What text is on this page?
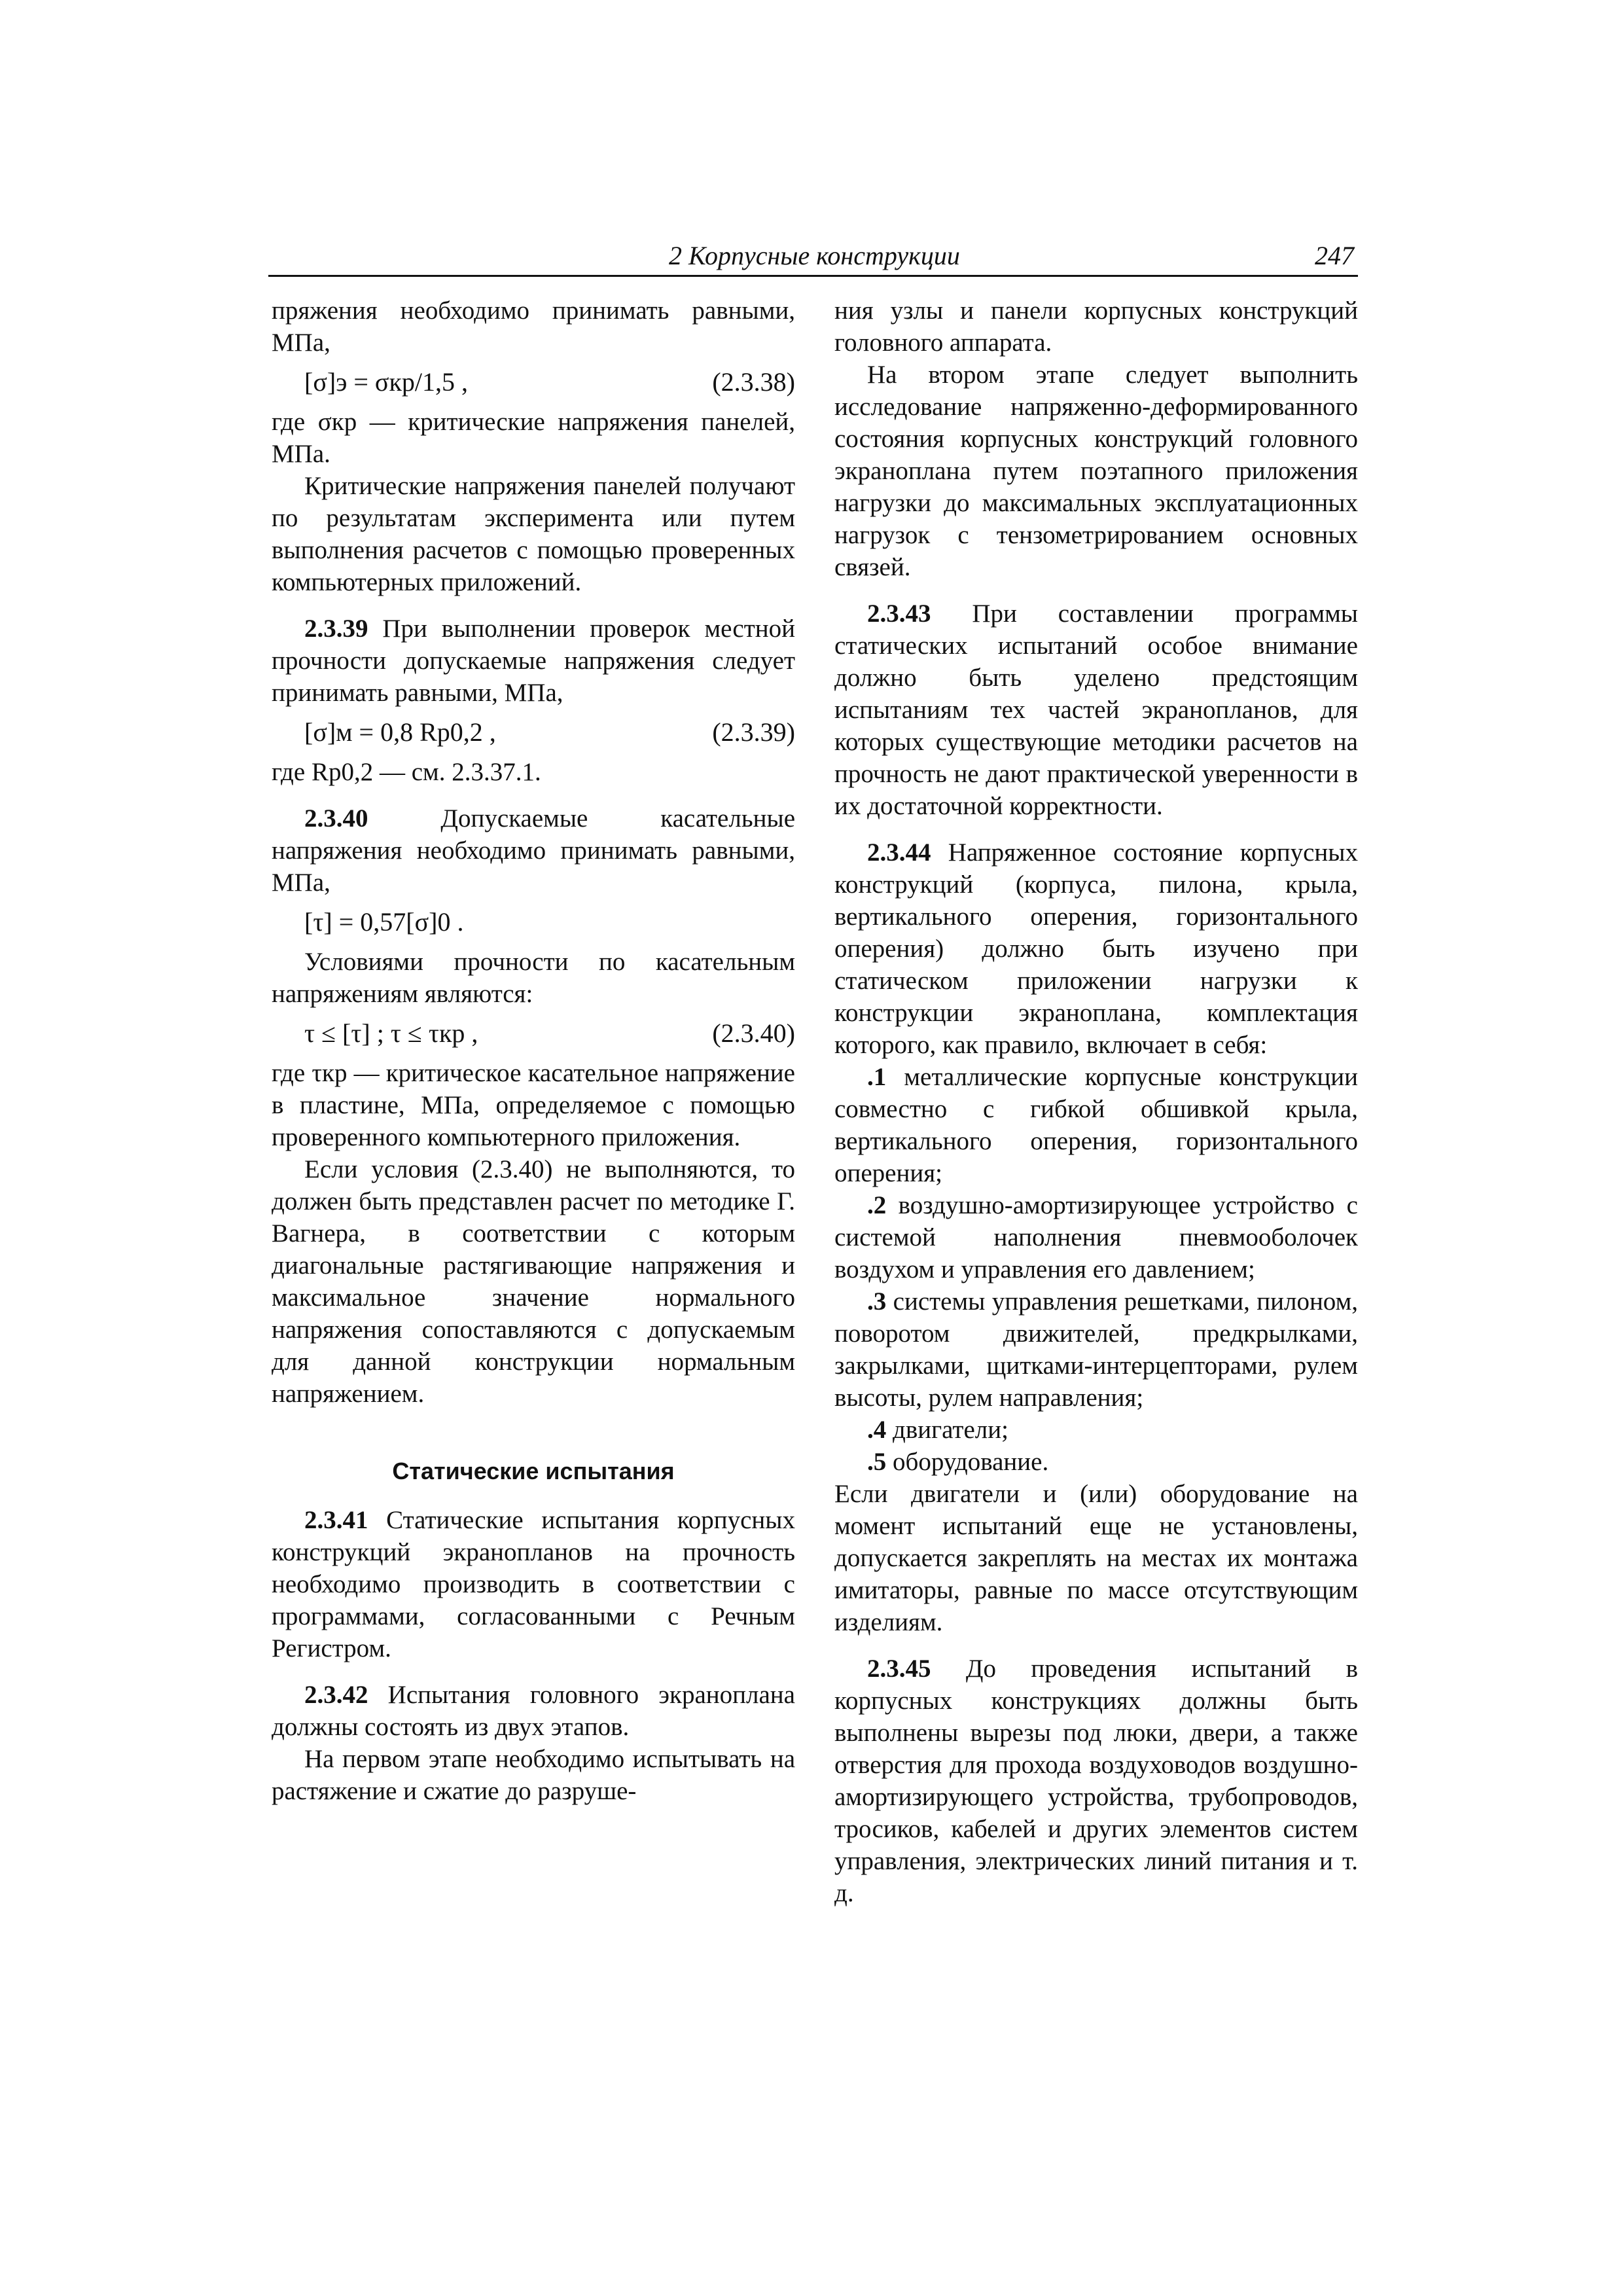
2 Корпусные конструкции	247

пряжения необходимо принимать равными, МПа,

[σ]э = σкр/1,5 ,	(2.3.38)

где σкр — критические напряжения панелей, МПа.

Критические напряжения панелей получают по результатам эксперимента или путем выполнения расчетов с помощью проверенных компьютерных приложений.

2.3.39 При выполнении проверок местной прочности допускаемые напряжения следует принимать равными, МПа,

[σ]м = 0,8 Rp0,2 ,	(2.3.39)

где Rp0,2 — см. 2.3.37.1.

2.3.40	Допускаемые касательные напряжения необходимо принимать равными, МПа,

[τ] = 0,57[σ]0 .

Условиями прочности по касательным напряжениям являются:

τ ≤ [τ] ; τ ≤ τкр ,	(2.3.40)

где τкр — критическое касательное напряжение в пластине, МПа, определяемое с помощью проверенного компьютерного приложения.

Если условия (2.3.40) не выполняются, то должен быть представлен расчет по методике Г. Вагнера, в соответствии с которым диагональные растягивающие напряжения и максимальное значение нормального напряжения сопоставляются с допускаемым для данной конструкции нормальным напряжением.

Статические испытания

2.3.41 Статические испытания корпусных конструкций экранопланов на прочность необходимо производить в соответствии с программами, согласованными с Речным Регистром.

2.3.42 Испытания головного экраноплана должны состоять из двух этапов.

На первом этапе необходимо испытывать на растяжение и сжатие до разруше-

ния узлы и панели корпусных конструкций головного аппарата.

На втором этапе следует выполнить исследование напряженно-деформированного состояния корпусных конструкций головного экраноплана путем поэтапного приложения нагрузки до максимальных эксплуатационных нагрузок с тензометрированием основных связей.

2.3.43 При составлении программы статических испытаний особое внимание должно быть уделено предстоящим испытаниям тех частей экранопланов, для которых существующие методики расчетов на прочность не дают практической уверенности в их достаточной корректности.

2.3.44 Напряженное состояние корпусных конструкций (корпуса, пилона, крыла, вертикального оперения, горизонтального оперения) должно быть изучено при статическом приложении нагрузки к конструкции экраноплана, комплектация которого, как правило, включает в себя:

.1 металлические корпусные конструкции совместно с гибкой обшивкой крыла, вертикального оперения, горизонтального оперения;

.2 воздушно-амортизирующее устройство с системой наполнения пневмооболочек воздухом и управления его давлением;

.3 системы управления решетками, пилоном, поворотом движителей, предкрылками, закрылками, щитками-интерцепторами, рулем высоты, рулем направления;

.4 двигатели;

.5 оборудование.

Если двигатели и (или) оборудование на момент испытаний еще не установлены, допускается закреплять на местах их монтажа имитаторы, равные по массе отсутствующим изделиям.

2.3.45 До проведения испытаний в корпусных конструкциях должны быть выполнены вырезы под люки, двери, а также отверстия для прохода воздуховодов воздушно-амортизирующего устройства, трубопроводов, тросиков, кабелей и других элементов систем управления, электрических линий питания и т. д.
